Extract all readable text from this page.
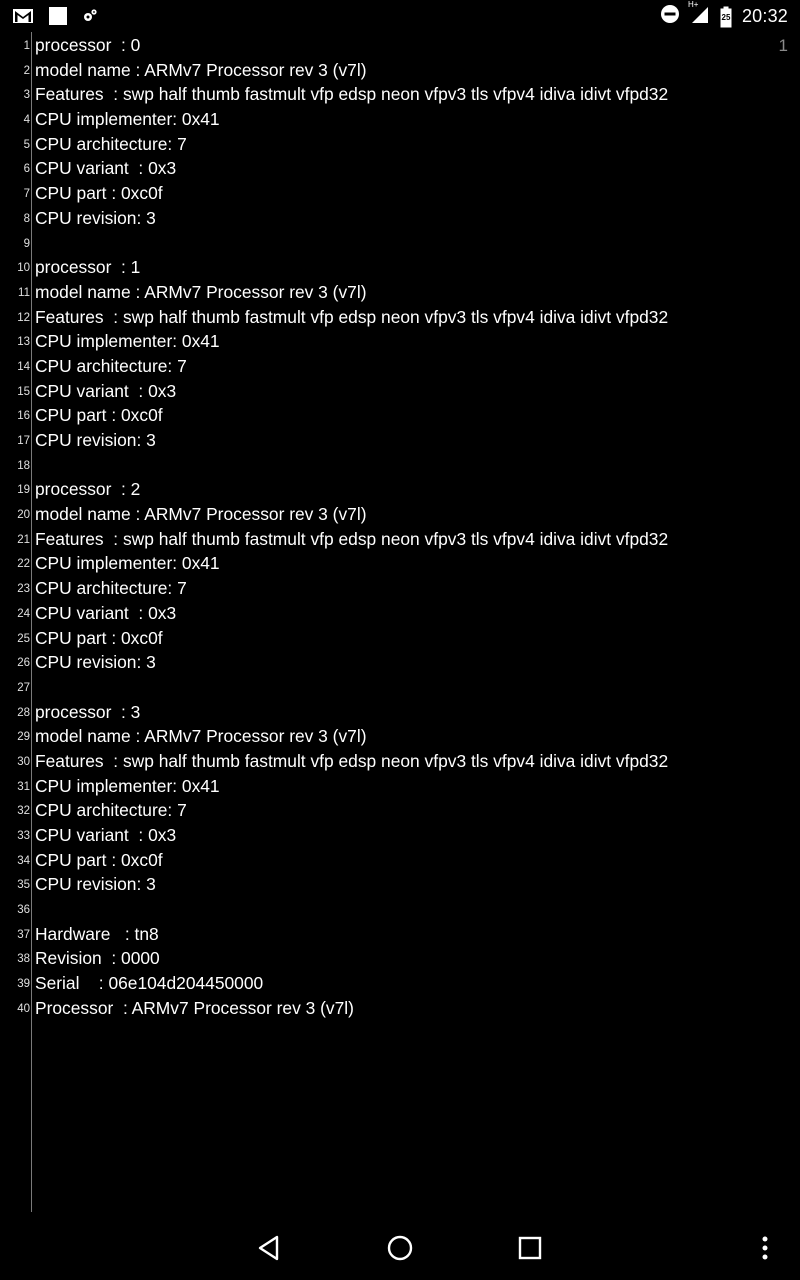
H+
25 20:32
1
1 processor  : 0
2 model name : ARMv7 Processor rev 3 (v7l)
3 Features  : swp half thumb fastmult vfp edsp neon vfpv3 tls vfpv4 idiva idivt vfpd32
4 CPU implementer: 0x41
5 CPU architecture: 7
6 CPU variant  : 0x3
7 CPU part : 0xc0f
8 CPU revision: 3
9
10 processor  : 1
11 model name : ARMv7 Processor rev 3 (v7l)
12 Features  : swp half thumb fastmult vfp edsp neon vfpv3 tls vfpv4 idiva idivt vfpd32
13 CPU implementer: 0x41
14 CPU architecture: 7
15 CPU variant  : 0x3
16 CPU part : 0xc0f
17 CPU revision: 3
18
19 processor  : 2
20 model name : ARMv7 Processor rev 3 (v7l)
21 Features  : swp half thumb fastmult vfp edsp neon vfpv3 tls vfpv4 idiva idivt vfpd32
22 CPU implementer: 0x41
23 CPU architecture: 7
24 CPU variant  : 0x3
25 CPU part : 0xc0f
26 CPU revision: 3
27
28 processor  : 3
29 model name : ARMv7 Processor rev 3 (v7l)
30 Features  : swp half thumb fastmult vfp edsp neon vfpv3 tls vfpv4 idiva idivt vfpd32
31 CPU implementer: 0x41
32 CPU architecture: 7
33 CPU variant  : 0x3
34 CPU part : 0xc0f
35 CPU revision: 3
36
37 Hardware   : tn8
38 Revision  : 0000
39 Serial    : 06e104d204450000
40 Processor  : ARMv7 Processor rev 3 (v7l)
